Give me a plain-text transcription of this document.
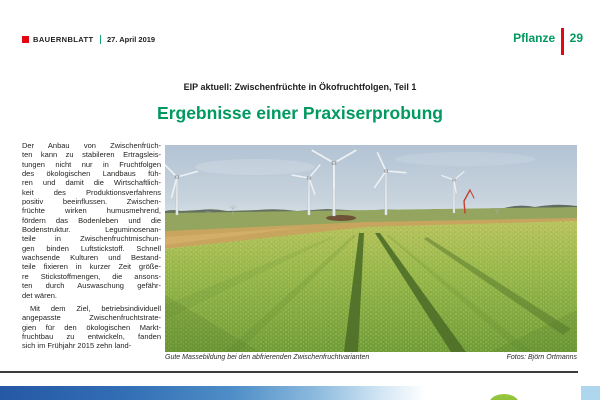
BAUERNBLATT 27. April 2019	Pflanze 29
EIP aktuell: Zwischenfrüchte in Ökofruchtfolgen, Teil 1
Ergebnisse einer Praxiserprobung
Der Anbau von Zwischenfrüch-
ten kann zu stabileren Ertragsleis-
tungen nicht nur in Fruchtfolgen
des ökologischen Landbaus füh-
ren und damit die Wirtschaftlich-
keit des Produktionsverfahrens
positiv beeinflussen. Zwischen-
früchte wirken humusmehrend,
fördern das Bodenleben und die
Bodenstruktur. Leguminosenan-
teile in Zwischenfruchtmischun-
gen binden Luftstickstoff. Schnell
wachsende Kulturen und Bestand-
teile fixieren in kurzer Zeit größe-
re Stickstoffmengen, die ansons-
ten durch Auswaschung gefähr-
det wären.
Mit dem Ziel, betriebsindividuell
angepasste Zwischenfruchtstrate-
gien für den ökologischen Markt-
fruchtbau zu entwickeln, fanden
sich im Frühjahr 2015 zehn land-
Gute Massebildung bei den abfrierenden Zwischenfruchtvarianten	Fotos: Björn Ortmanns
